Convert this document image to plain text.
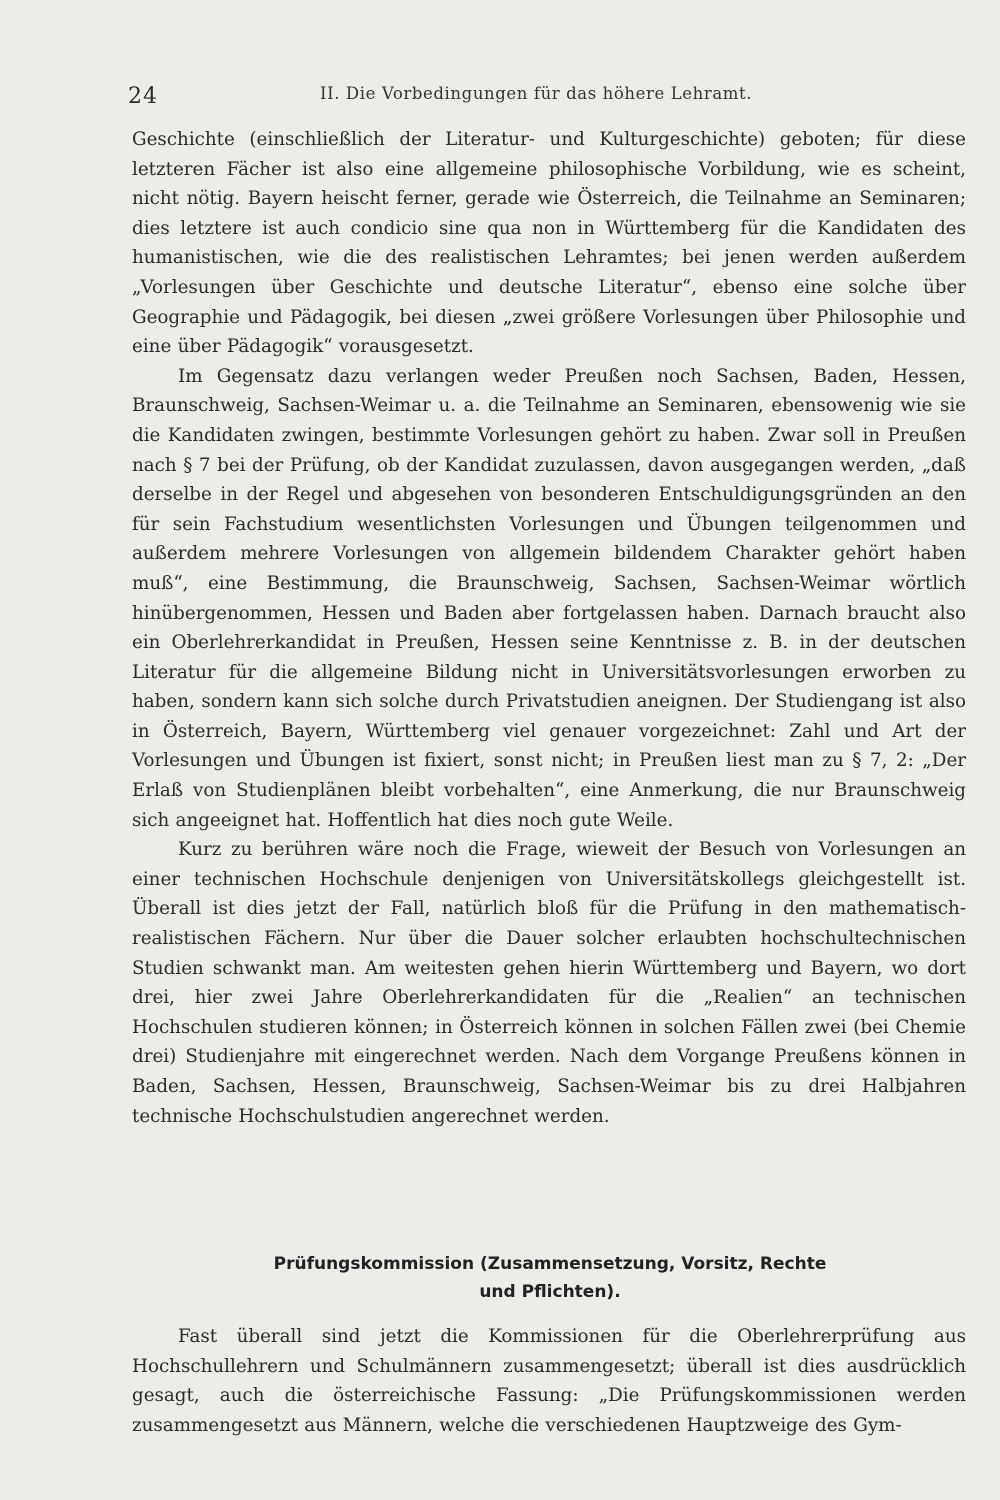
24	II. Die Vorbedingungen für das höhere Lehramt.

Geschichte (einschließlich der Literatur- und Kulturgeschichte) geboten; für diese letzteren Fächer ist also eine allgemeine philosophische Vorbildung, wie es scheint, nicht nötig. Bayern heischt ferner, gerade wie Österreich, die Teilnahme an Seminaren; dies letztere ist auch condicio sine qua non in Württemberg für die Kandidaten des humanistischen, wie die des realistischen Lehramtes; bei jenen werden außerdem „Vorlesungen über Geschichte und deutsche Literatur“, ebenso eine solche über Geographie und Pädagogik, bei diesen „zwei größere Vorlesungen über Philosophie und eine über Pädagogik“ vorausgesetzt.

Im Gegensatz dazu verlangen weder Preußen noch Sachsen, Baden, Hessen, Braunschweig, Sachsen-Weimar u. a. die Teilnahme an Seminaren, ebensowenig wie sie die Kandidaten zwingen, bestimmte Vorlesungen gehört zu haben. Zwar soll in Preußen nach § 7 bei der Prüfung, ob der Kandidat zuzulassen, davon ausgegangen werden, „daß derselbe in der Regel und abgesehen von besonderen Entschuldigungsgründen an den für sein Fachstudium wesentlichsten Vorlesungen und Übungen teilgenommen und außerdem mehrere Vorlesungen von allgemein bildendem Charakter gehört haben muß“, eine Bestimmung, die Braunschweig, Sachsen, Sachsen-Weimar wörtlich hinübergenommen, Hessen und Baden aber fortgelassen haben. Darnach braucht also ein Oberlehrerkandidat in Preußen, Hessen seine Kenntnisse z. B. in der deutschen Literatur für die allgemeine Bildung nicht in Universitätsvorlesungen erworben zu haben, sondern kann sich solche durch Privatstudien aneignen. Der Studiengang ist also in Österreich, Bayern, Württemberg viel genauer vorgezeichnet: Zahl und Art der Vorlesungen und Übungen ist fixiert, sonst nicht; in Preußen liest man zu § 7, 2: „Der Erlaß von Studienplänen bleibt vorbehalten“, eine Anmerkung, die nur Braunschweig sich angeeignet hat. Hoffentlich hat dies noch gute Weile.

Kurz zu berühren wäre noch die Frage, wieweit der Besuch von Vorlesungen an einer technischen Hochschule denjenigen von Universitätskollegs gleichgestellt ist. Überall ist dies jetzt der Fall, natürlich bloß für die Prüfung in den mathematisch-realistischen Fächern. Nur über die Dauer solcher erlaubten hochschultechnischen Studien schwankt man. Am weitesten gehen hierin Württemberg und Bayern, wo dort drei, hier zwei Jahre Oberlehrerkandidaten für die „Realien“ an technischen Hochschulen studieren können; in Österreich können in solchen Fällen zwei (bei Chemie drei) Studienjahre mit eingerechnet werden. Nach dem Vorgange Preußens können in Baden, Sachsen, Hessen, Braunschweig, Sachsen-Weimar bis zu drei Halbjahren technische Hochschulstudien angerechnet werden.

Prüfungskommission (Zusammensetzung, Vorsitz, Rechte
und Pflichten).

Fast überall sind jetzt die Kommissionen für die Oberlehrerprüfung aus Hochschullehrern und Schulmännern zusammengesetzt; überall ist dies ausdrücklich gesagt, auch die österreichische Fassung: „Die Prüfungskommissionen werden zusammengesetzt aus Männern, welche die verschiedenen Hauptzweige des Gym-
